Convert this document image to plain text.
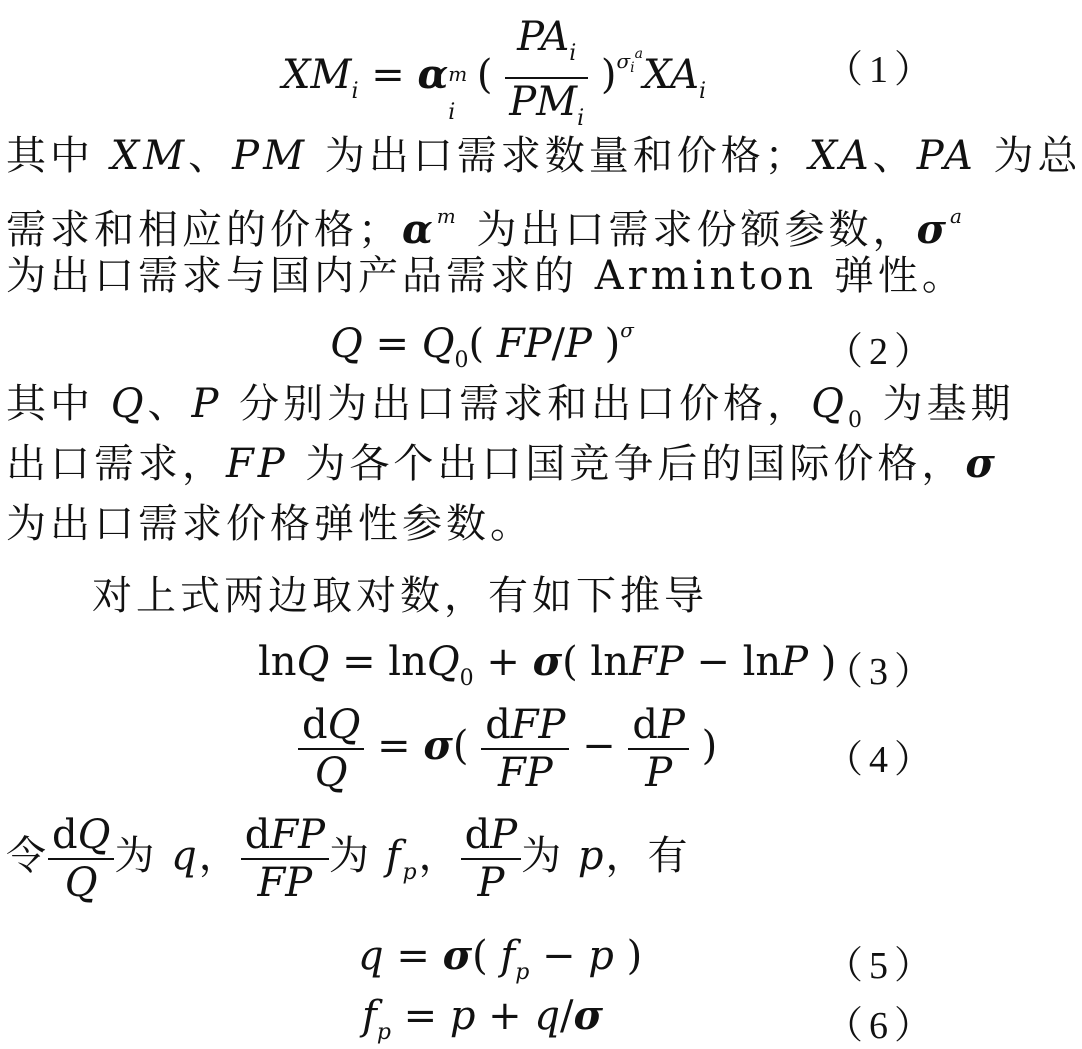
$XM_i = \alpha$ m
i
( $\frac{PA_i}{PM_i} )^{\sigma_i^a}XA_i$
（1）
其中 XM、PM 为出口需求数量和价格；XA、PA 为总
需求和相应的价格；$\alpha^m$ 为出口需求份额参数，$\sigma^a$
为出口需求与国内产品需求的 Arminton 弹性。
$Q = Q_0$( FP/P )$^\sigma$
（2）
其中 Q、P 分别为出口需求和出口价格，$Q_0$ 为基期
出口需求，FP 为各个出口国竞争后的国际价格，σ
为出口需求价格弹性参数。
对上式两边取对数，有如下推导
lnQ = lnQ$_0$ + σ( lnFP − lnP )
（3）
$\frac{dQ}{Q} = \sigma( \frac{\text{dFP}}{FP} - \frac{dP}{P}$ )	（4）
令 $\frac{dQ}{Q}$ 为 q， $\frac{\text{dFP}}{FP}$ 为 $f_p$， $\frac{dP}{P}$ 为 p，有
q = σ( $f_p - p$ )	（5）
$f_p = p + q/\sigma$	（6）
